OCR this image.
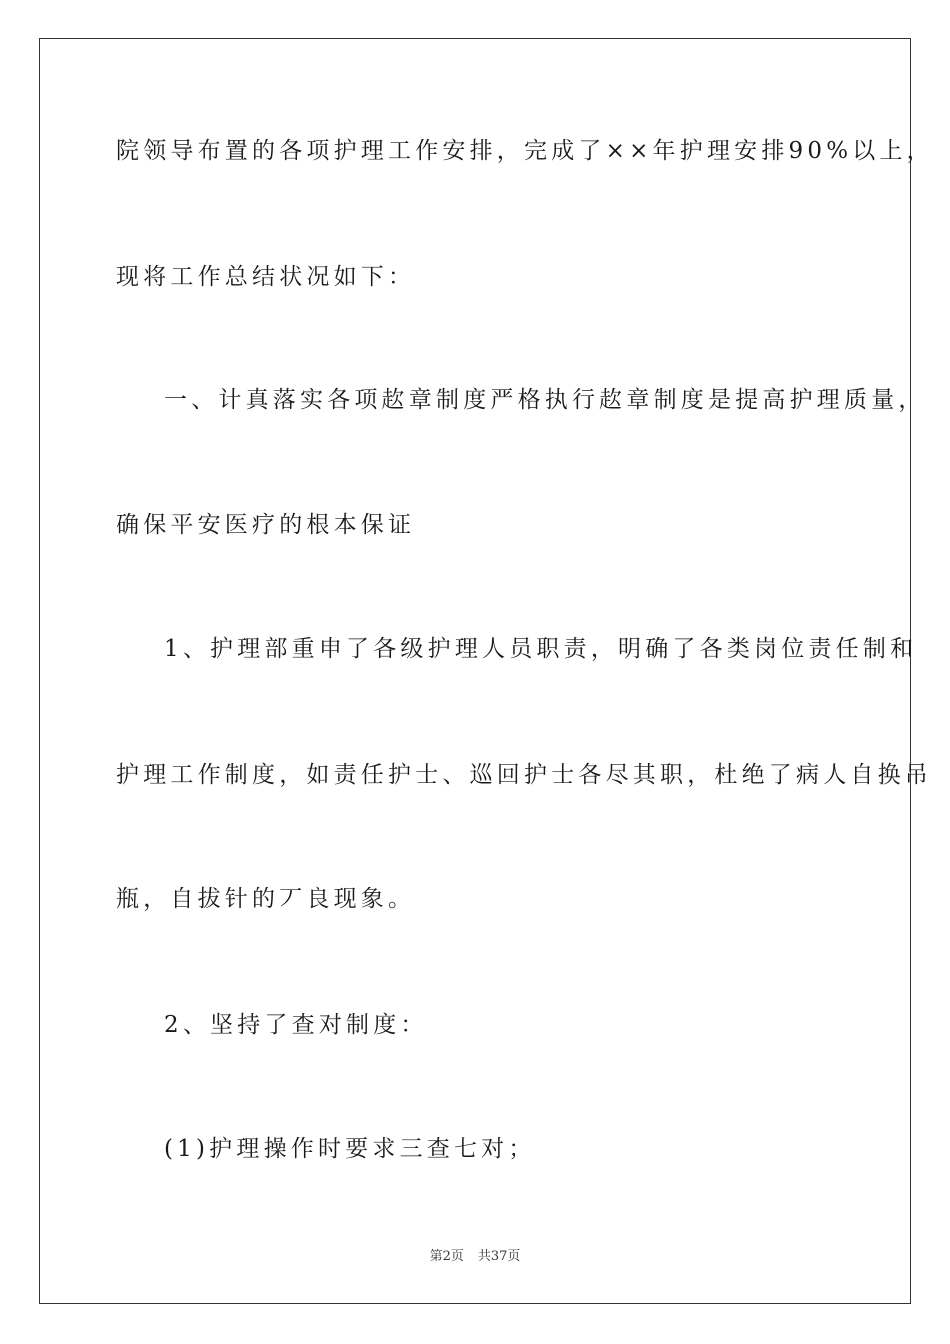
院领导布置的各项护理工作安排，完成了××年护理安排90%以上，
现将工作总结状况如下：
一、计真落实各项赼章制度严格执行赼章制度是提高护理质量，
确保平安医疗的根本保证
1、护理部重申了各级护理人员职责，明确了各类岗位责任制和
护理工作制度，如责任护士、巡回护士各尽其职，杜绝了病人自换吊
瓶，自拔针的丆良现象。
2、坚持了查对制度：
(1)护理操作时要求三查七对；
第2页 共37页
